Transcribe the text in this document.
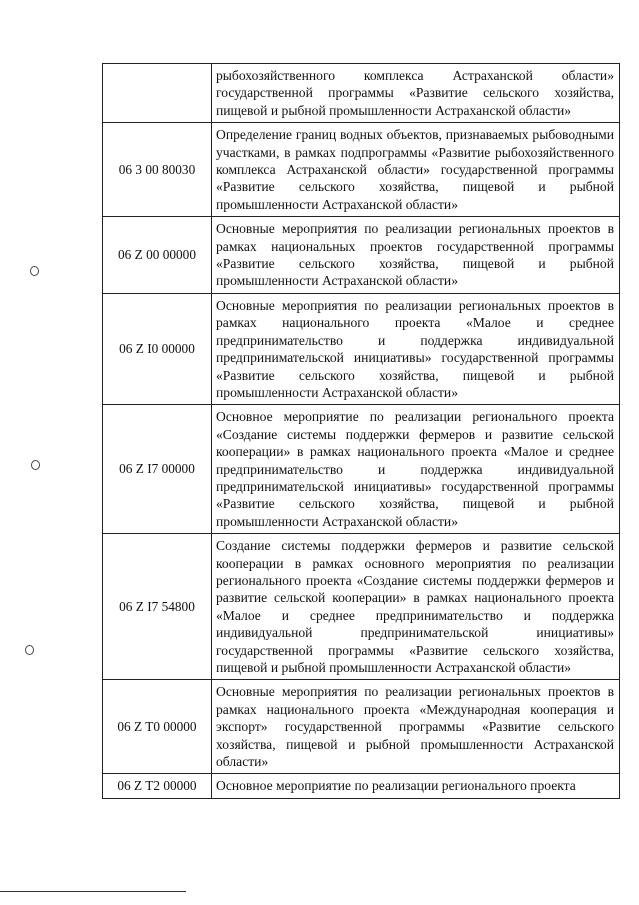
	рыбохозяйственного комплекса Астраханской области» государственной программы «Развитие сельского хозяйства, пищевой и рыбной промышленности Астраханской области»
06 3 00 80030	Определение границ водных объектов, признаваемых рыбоводными участками, в рамках подпрограммы «Развитие рыбохозяйственного комплекса Астраханской области» государственной программы «Развитие сельского хозяйства, пищевой и рыбной промышленности Астраханской области»
06 Z 00 00000	Основные мероприятия по реализации региональных проектов в рамках национальных проектов государственной программы «Развитие сельского хозяйства, пищевой и рыбной промышленности Астраханской области»
06 Z I0 00000	Основные мероприятия по реализации региональных проектов в рамках национального проекта «Малое и среднее предпринимательство и поддержка индивидуальной предпринимательской инициативы» государственной программы «Развитие сельского хозяйства, пищевой и рыбной промышленности Астраханской области»
06 Z I7 00000	Основное мероприятие по реализации регионального проекта «Создание системы поддержки фермеров и развитие сельской кооперации» в рамках национального проекта «Малое и среднее предпринимательство и поддержка индивидуальной предпринимательской инициативы» государственной программы «Развитие сельского хозяйства, пищевой и рыбной промышленности Астраханской области»
06 Z I7 54800	Создание системы поддержки фермеров и развитие сельской кооперации в рамках основного мероприятия по реализации регионального проекта «Создание системы поддержки фермеров и развитие сельской кооперации» в рамках национального проекта «Малое и среднее предпринимательство и поддержка индивидуальной предпринимательской инициативы» государственной программы «Развитие сельского хозяйства, пищевой и рыбной промышленности Астраханской области»
06 Z T0 00000	Основные мероприятия по реализации региональных проектов в рамках национального проекта «Международная кооперация и экспорт» государственной программы «Развитие сельского хозяйства, пищевой и рыбной промышленности Астраханской области»
06 Z T2 00000	Основное мероприятие по реализации регионального проекта
